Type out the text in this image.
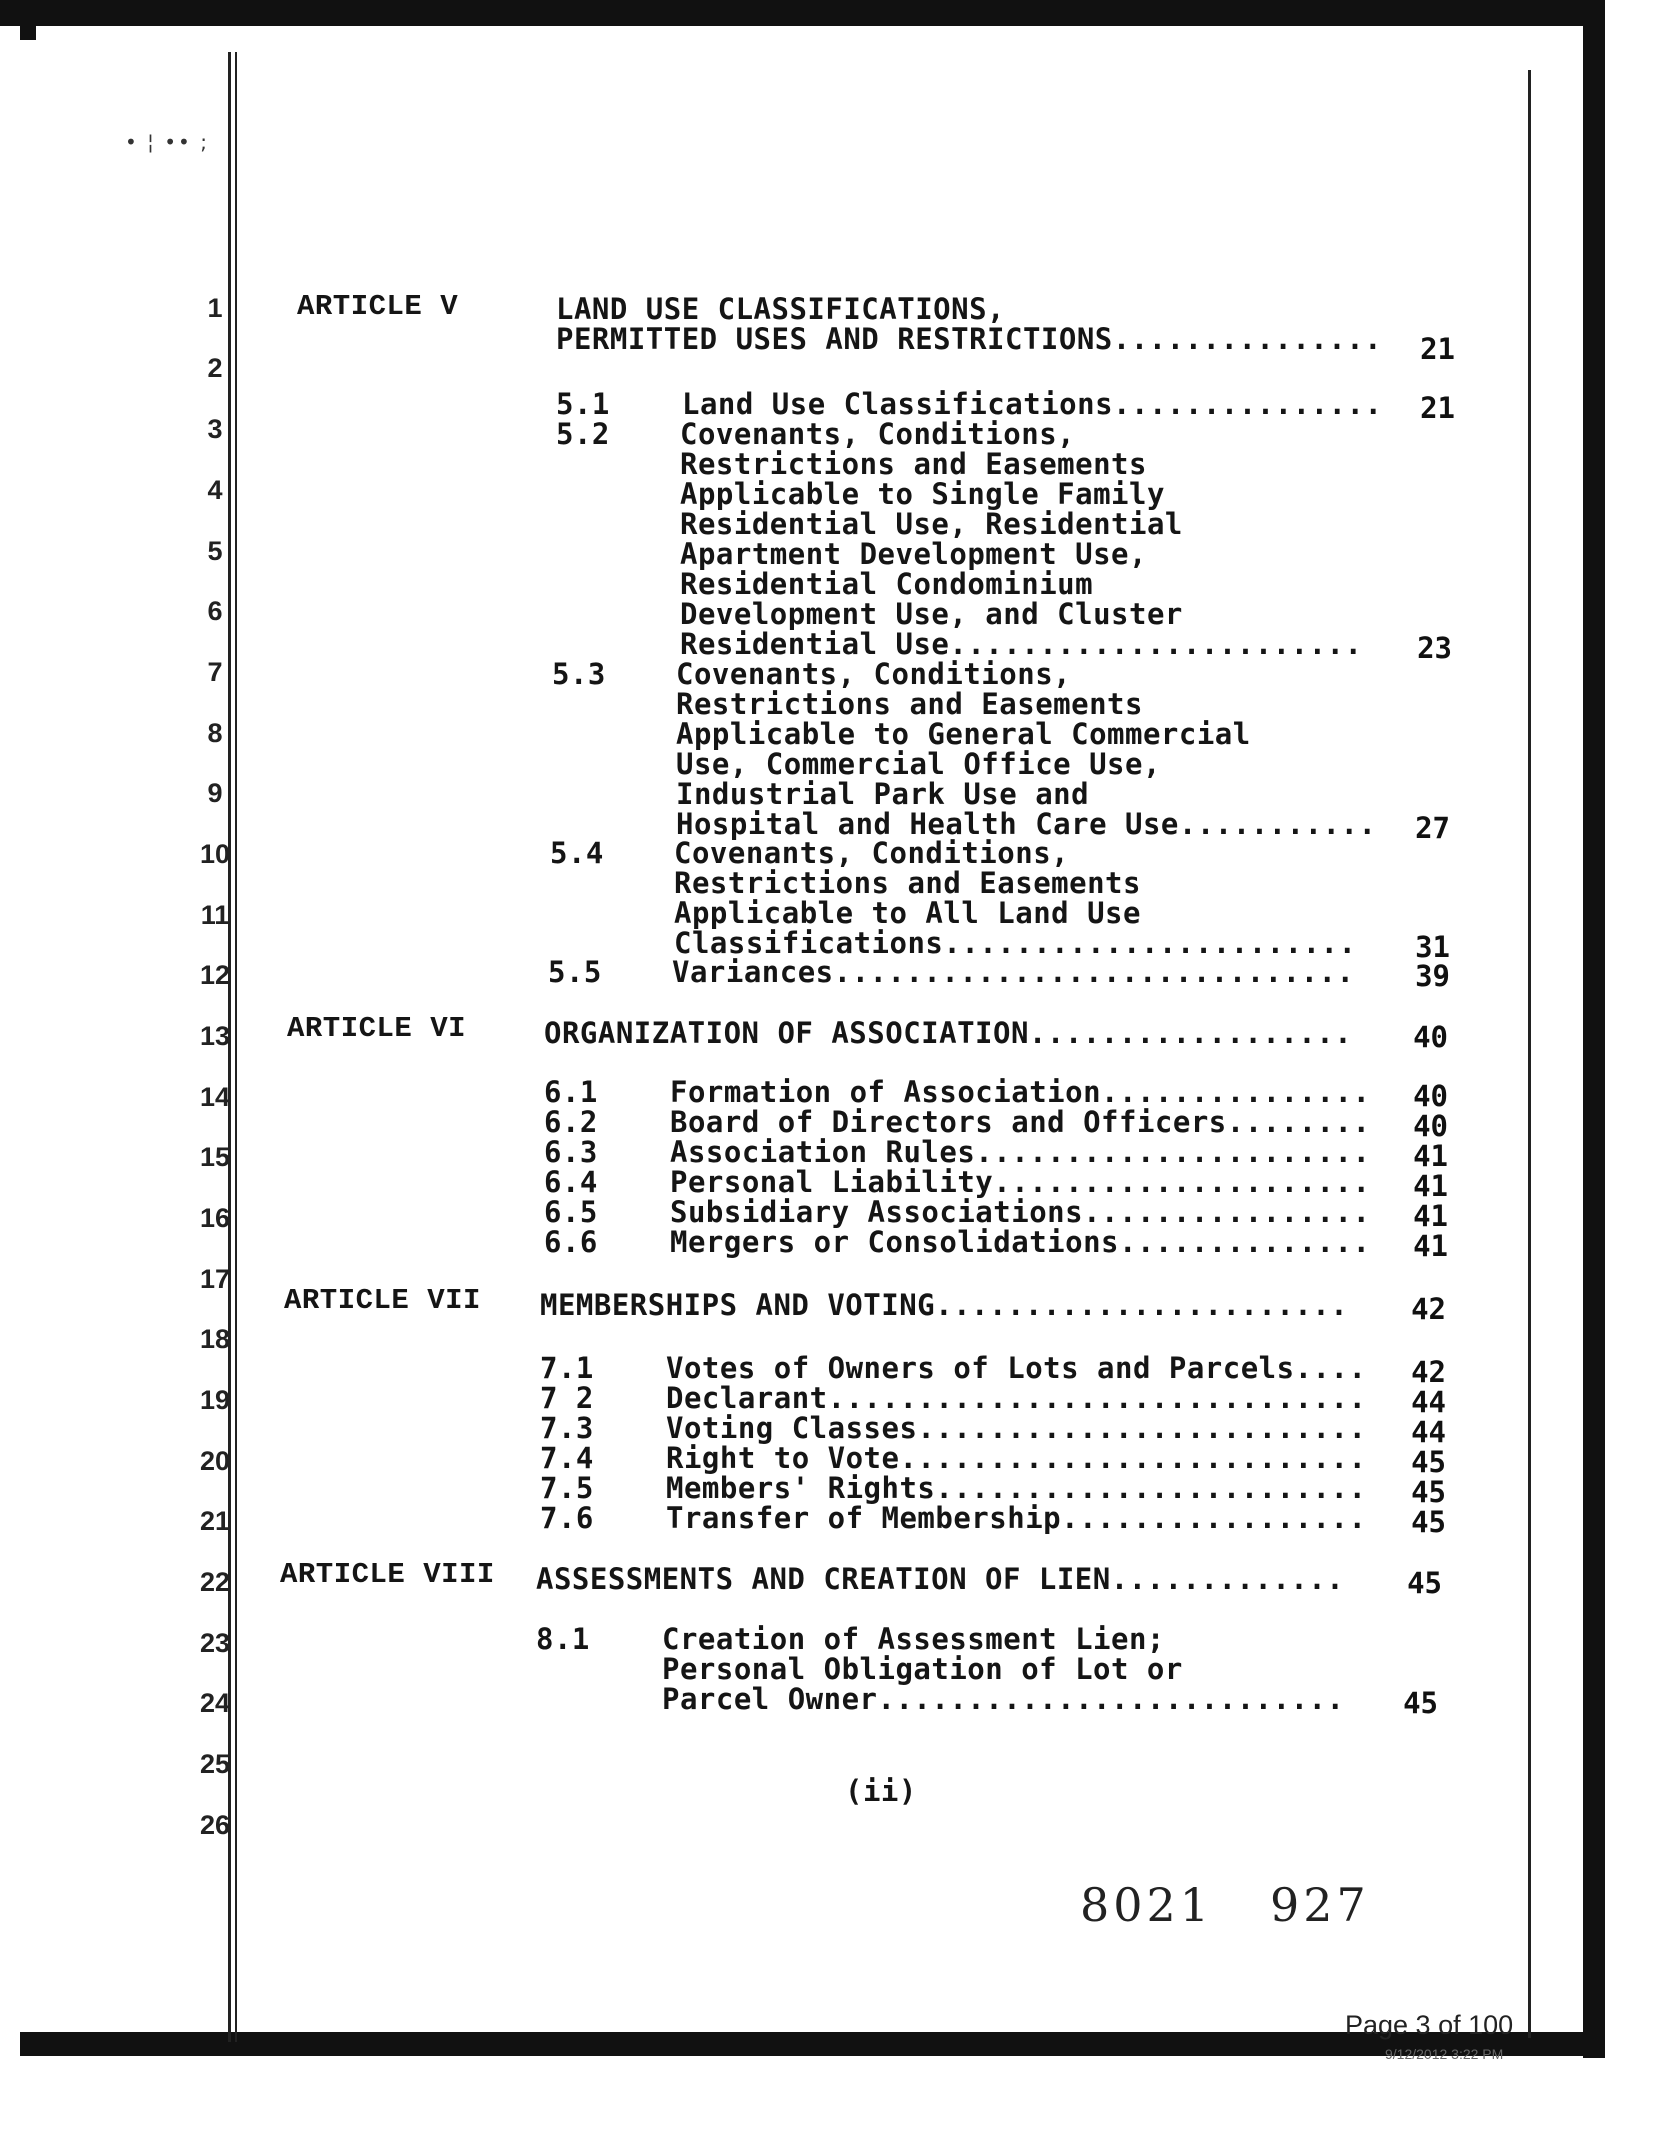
• ¦ •• ;
1
2
3
4
5
6
7
8
9
10
11
12
13
14
15
16
17
18
19
20
21
22
23
24
25
26
ARTICLE V	LAND USE CLASSIFICATIONS,
PERMITTED USES AND RESTRICTIONS...............	21
5.1 Land Use Classifications...............	21
5.2 Covenants, Conditions,
Restrictions and Easements
Applicable to Single Family
Residential Use, Residential
Apartment Development Use,
Residential Condominium
Development Use, and Cluster
Residential Use.......................	23
5.3 Covenants, Conditions,
Restrictions and Easements
Applicable to General Commercial
Use, Commercial Office Use,
Industrial Park Use and
Hospital and Health Care Use...........	27
5.4 Covenants, Conditions,
Restrictions and Easements
Applicable to All Land Use
Classifications.......................	31
5.5 Variances.............................	39
ARTICLE VI	ORGANIZATION OF ASSOCIATION..................	40
6.1 Formation of Association...............	40
6.2 Board of Directors and Officers........	40
6.3 Association Rules......................	41
6.4 Personal Liability.....................	41
6.5 Subsidiary Associations................	41
6.6 Mergers or Consolidations..............	41
ARTICLE VII MEMBERSHIPS AND VOTING.......................	42
7.1 Votes of Owners of Lots and Parcels....	42
7 2 Declarant..............................	44
7.3 Voting Classes.........................	44
7.4 Right to Vote..........................	45
7.5 Members' Rights........................	45
7.6 Transfer of Membership.................	45
ARTICLE VIII ASSESSMENTS AND CREATION OF LIEN.............	45
8.1 Creation of Assessment Lien;
Personal Obligation of Lot or
Parcel Owner..........................	45
(ii)
8021 927
Page 3 of 100
9/12/2012 3:22 PM
